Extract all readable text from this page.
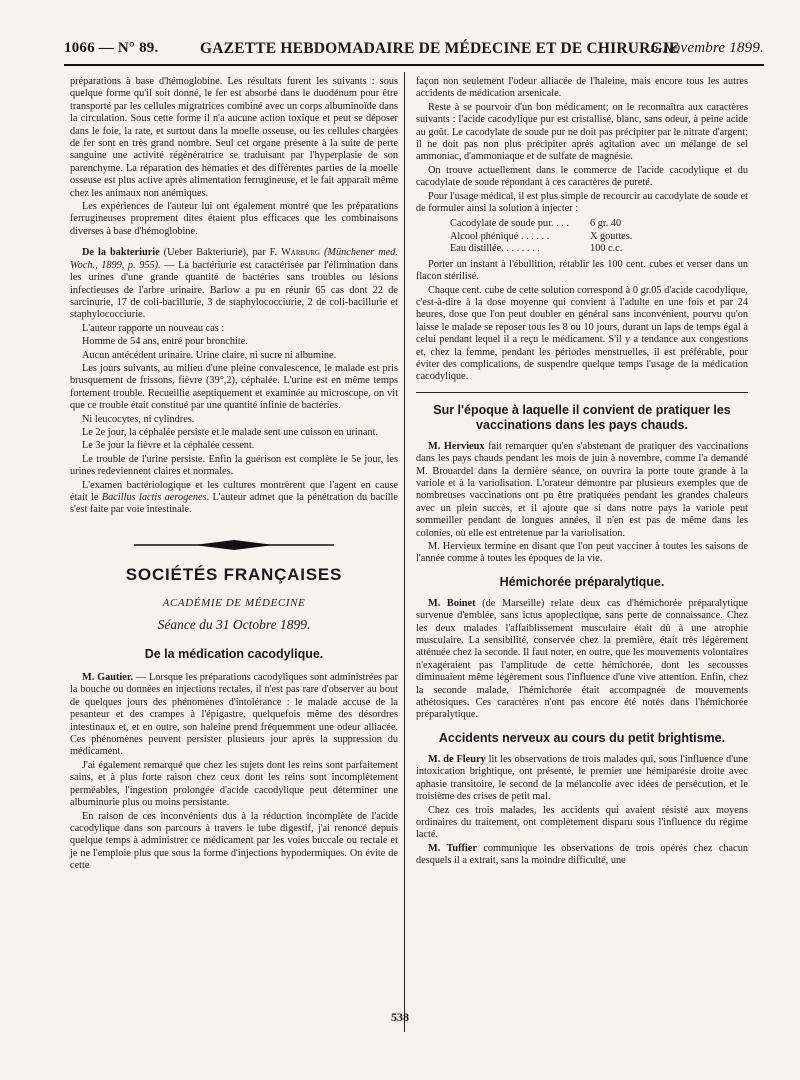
1066 — N° 89.	GAZETTE HEBDOMADAIRE DE MÉDECINE ET DE CHIRURGIE
5 Novembre 1899.

préparations à base d'hémoglobine. Les résultats furent les suivants : sous quelque forme qu'il soit donné, le fer est absorbé dans le duodénum pour être transporté par les cellules migratrices combiné avec un corps albuminoïde dans la circulation. Sous cette forme il n'a aucune action toxique et peut se déposer dans le foie, la rate, et surtout dans la moelle osseuse, ou les cellules chargées de fer sont en très grand nombre. Seul cet organe présente à la suite de perte sanguine une activité régénératrice se traduisant par l'hyperplasie de son parenchyme. La réparation des hématies et des différentes parties de la moelle osseuse est plus active après alimentation ferrugineuse, et le fait apparaît même chez les animaux non anémiques.

Les expériences de l'auteur lui ont également montré que les préparations ferrugineuses proprement dites étaient plus efficaces que les combinaisons diverses à base d'hémoglobine.

De la bakteriurie (Ueber Bakteriurie), par F. Warburg (Münchener med. Woch., 1899, p. 955). — La bactériurie est caractérisée par l'élimination dans les urines d'une grande quantité de bactéries sans troubles ou lésions infectieuses de l'arbre urinaire. Barlow a pu en réunir 65 cas dont 22 de sarcinurie, 17 de coli-bacillurie, 3 de staphylococciurie, 2 de coli-bacillurie et staphylococciurie.

L'auteur rapporte un nouveau cas :

Homme de 54 ans, entré pour bronchite.

Aucun antécédent urinaire. Urine claire, ni sucre ni albumine.

Les jours suivants, au milieu d'une pleine convalescence, le malade est pris brusquement de frissons, fièvre (39°,2), céphalée. L'urine est en même temps fortement trouble. Recueillie aseptiquement et examinée au microscope, on vit que ce trouble était constitué par une quantité infinie de bactéries.

Ni leucocytes, ni cylindres.

Le 2e jour, la céphalée persiste et le malade sent une cuisson en urinant.

Le 3e jour la fièvre et la céphalée cessent.

Le trouble de l'urine persiste. Enfin la guérison est complète le 5e jour, les urines redeviennent claires et normales.

L'examen bactériologique et les cultures montrèrent que l'agent en cause était le Bacillus lactis aerogenes. L'auteur admet que la pénétration du bacille s'est faite par voie intestinale.

SOCIÉTÉS FRANÇAISES
ACADÉMIE DE MÉDECINE
Séance du 31 Octobre 1899.
De la médication cacodylique.

M. Gautier. — Lorsque les préparations cacodyliques sont administrées par la bouche ou données en injections rectales, il n'est pas rare d'observer au bout de quelques jours des phénomènes d'intolérance : le malade accuse de la pesanteur et des crampes à l'épigastre, quelquefois même des désordres intestinaux et, et en outre, son haleine prend fréquemment une odeur alliacée. Ces phénomènes peuvent persister plusieurs jour après la suppression du médicament.

J'ai également remarqué que chez les sujets dont les reins sont parfaitement sains, et à plus forte raison chez ceux dont les reins sont incomplètement perméables, l'ingestion prolongée d'acide cacodylique peut déterminer une albuminurie plus ou moins persistante.

En raison de ces inconvénients dus à la réduction incomplète de l'acide cacodylique dans son parcours à travers le tube digestif, j'ai renoncé depuis quelque temps à administrer ce médicament par les voies buccale ou rectale et je ne l'emploie plus que sous la forme d'injections hypodermiques. On évite de cette

façon non seulement l'odeur alliacée de l'haleine, mais encore tous les autres accidents de médication arsenicale.

Reste à se pourvoir d'un bon médicament; on le reconnaîtra aux caractères suivants : l'acide cacodylique pur est cristallisé, blanc, sans odeur, à peine acide au goût. Le cacodylate de soude pur ne doit pas précipiter par le nitrate d'argent; il ne doit pas non plus précipiter après agitation avec un mélange de sel ammoniac, d'ammoniaque et de sulfate de magnésie.

On trouve actuellement dans le commerce de l'acide cacodylique et du cacodylate de soude répondant à ces caractères de pureté.

Pour l'usage médical, il est plus simple de recourcir au cacodylate de soude et de formuler ainsi la solution à injecter :

Cacodylate de soude pur. . . .	6 gr. 40
Alcool phéniqué . . . . . .	X gouttes.
Eau distillée. . . . . . . .	100 c.c.

Porter un instant à l'ébullition, rétablir les 100 cent. cubes et verser dans un flacon stérilisé.

Chaque cent. cube de cette solution correspond à 0 gr.05 d'acide cacodylique, c'est-à-dire à la dose moyenne qui convient à l'adulte en une fois et par 24 heures, dose que l'on peut doubler en général sans inconvénient, pourvu qu'on laisse le malade se reposer tous les 8 ou 10 jours, durant un laps de temps égal à celui pendant lequel il a reçu le médicament. S'il y a tendance aux congestions et, chez la femme, pendant les périodes menstruelles, il est préférable, pour éviter des complications, de suspendre quelque temps l'usage de la médication cacodylique.

Sur l'époque à laquelle il convient de pratiquer les vaccinations dans les pays chauds.

M. Hervieux fait remarquer qu'en s'abstenant de pratiquer des vaccinations dans les pays chauds pendant les mois de juin à novembre, comme l'a demandé M. Brouardel dans la dernière séance, on ouvrira la porte toute grande à la variole et à la variolisation. L'orateur démontre par plusieurs exemples que de nombreuses vaccinations ont pu être pratiquées pendant les grandes chaleurs avec un plein succès, et il ajoute que si dans notre pays la variole peut sommeiller pendant de longues années, il n'en est pas de même dans les colonies, où elle est entretenue par la variolisation.

M. Hervieux termine en disant que l'on peut vacciner à toutes les saisons de l'année comme à toutes les époques de la vie.

Hémichorée préparalytique.

M. Boinet (de Marseille) relate deux cas d'hémichorée préparalytique survenue d'emblée, sans ictus apoplectique, sans perte de connaissance. Chez les deux malades l'affaiblissement musculaire était dû à une atrophie musculaire. La sensibilité, conservée chez la première, était très légèrement atténuée chez la seconde. Il faut noter, en outre, que les mouvements volontaires n'exagéraient pas l'amplitude de cette hémichorée, dont les secousses diminuaient même légèrement sous l'influence d'une vive attention. Enfin, chez la seconde malade, l'hémichorée était accompagnée de mouvements athétosiques. Ces caractères n'ont pas encore été notés dans l'hémichorée préparalytique.

Accidents nerveux au cours du petit brightisme.

M. de Fleury lit les observations de trois malades qui, sous l'influence d'une intoxication brightique, ont présenté, le premier une hémiparésie droite avec aphasie transitoire, le second de la mélancolie avec idées de persécution, et le troisième des crises de petit mal.

Chez ces trois malades, les accidents qui avaient résisté aux moyens ordinaires du traitement, ont complètement disparu sous l'influence du régime lacté.

M. Tuffier communique les observations de trois opérés chez chacun desquels il a extrait, sans la moindre difficulté, une

538
